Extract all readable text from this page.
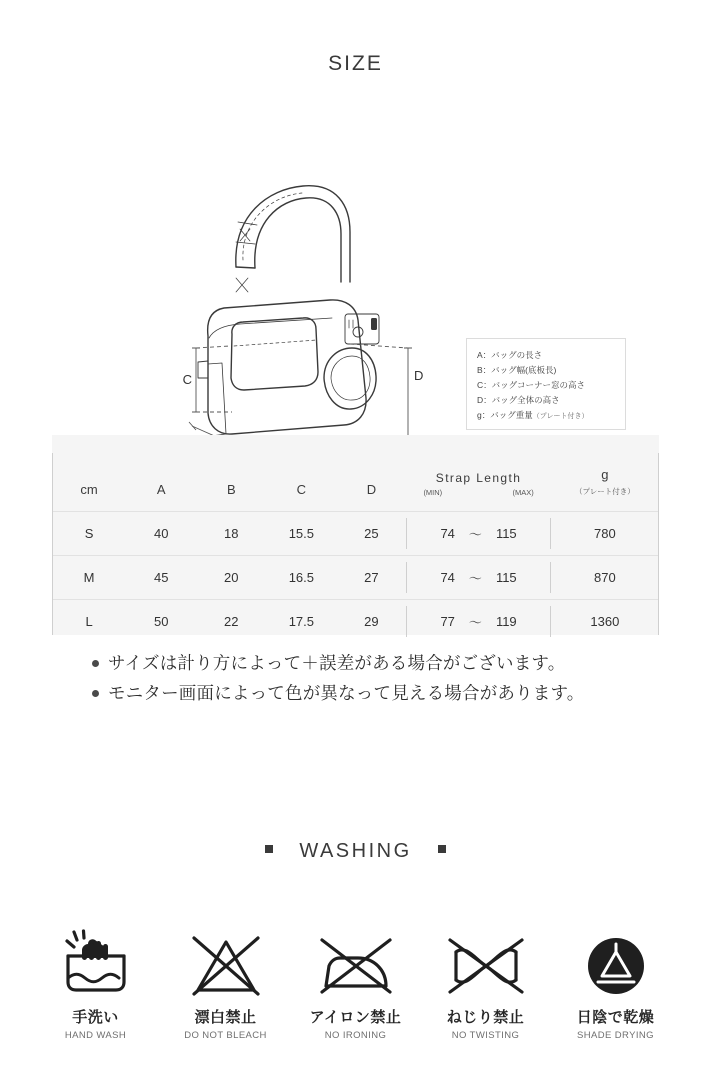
SIZE
C	D
A：バッグの長さ
B：バッグ幅(底板長)
C：バッグコーナー窓の高さ
D：バッグ全体の高さ
g：バッグ重量（プレート付き）
cm	A	B	C	D	Strap Length
(MIN) (MAX)	g
（プレート付き）

S	40	18	15.5	25	74 ～ 115	780
M	45	20	16.5	27	74 ～ 115	870
L	50	22	17.5	29	77 ～ 119	1360
サイズは計り方によって＋誤差がある場合がございます。
モニター画面によって色が異なって見える場合があります。
WASHING
手洗い
HAND WASH
漂白禁止
DO NOT BLEACH
アイロン禁止
NO IRONING
ねじり禁止
NO TWISTING
日陰で乾燥
SHADE DRYING
